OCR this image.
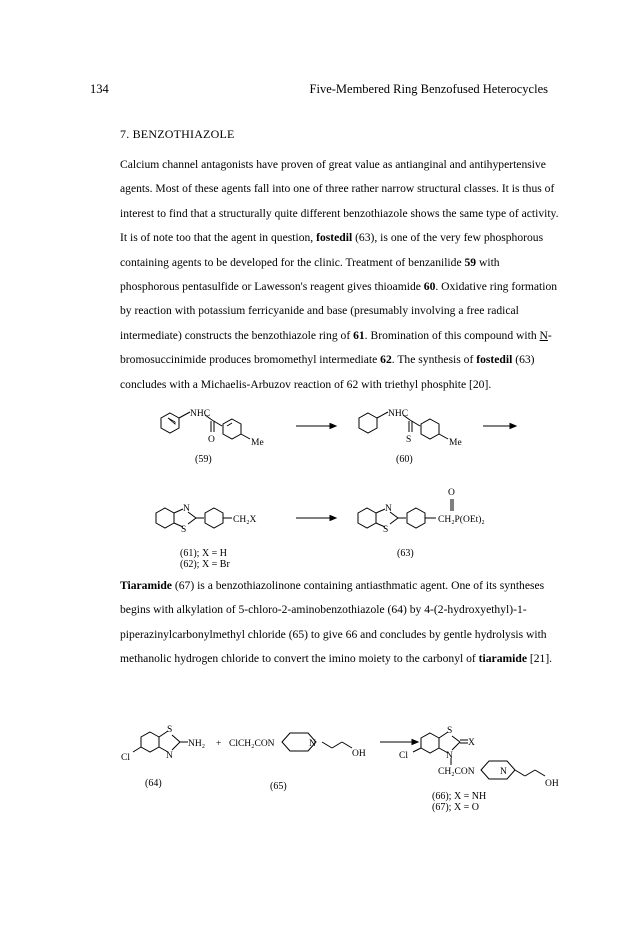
134	Five-Membered Ring Benzofused Heterocycles
7. BENZOTHIAZOLE

Calcium channel antagonists have proven of great value as antianginal and antihypertensive agents. Most of these agents fall into one of three rather narrow structural classes. It is thus of interest to find that a structurally quite different benzothiazole shows the same type of activity. It is of note too that the agent in question, fostedil (63), is one of the very few phosphorous containing agents to be developed for the clinic. Treatment of benzanilide 59 with phosphorous pentasulfide or Lawesson's reagent gives thioamide 60. Oxidative ring formation by reaction with potassium ferricyanide and base (presumably involving a free radical intermediate) constructs the benzothiazole ring of 61. Bromination of this compound with N-bromosuccinimide produces bromomethyl intermediate 62. The synthesis of fostedil (63) concludes with a Michaelis-Arbuzov reaction of 62 with triethyl phosphite [20].

Tiaramide (67) is a benzothiazolinone containing antiasthmatic agent. One of its syntheses begins with alkylation of 5-chloro-2-aminobenzothiazole (64) by 4-(2-hydroxyethyl)-1-piperazinylcarbonylmethyl chloride (65) to give 66 and concludes by gentle hydrolysis with methanolic hydrogen chloride to convert the imino moiety to the carbonyl of tiaramide [21].

NHC
O	Me
(59)
NHC
S	Me
(60)
N
S
CH₂X
(61); X = H
(62); X = Br
N
S
O
CH₂P(OEt)₂
(63)
S
N
NH₂
Cl
(64)
+ ClCH₂CON	N
OH
(65)
S
N
X
Cl
CH₂CON	N
OH
(66); X = NH
(67); X = O
